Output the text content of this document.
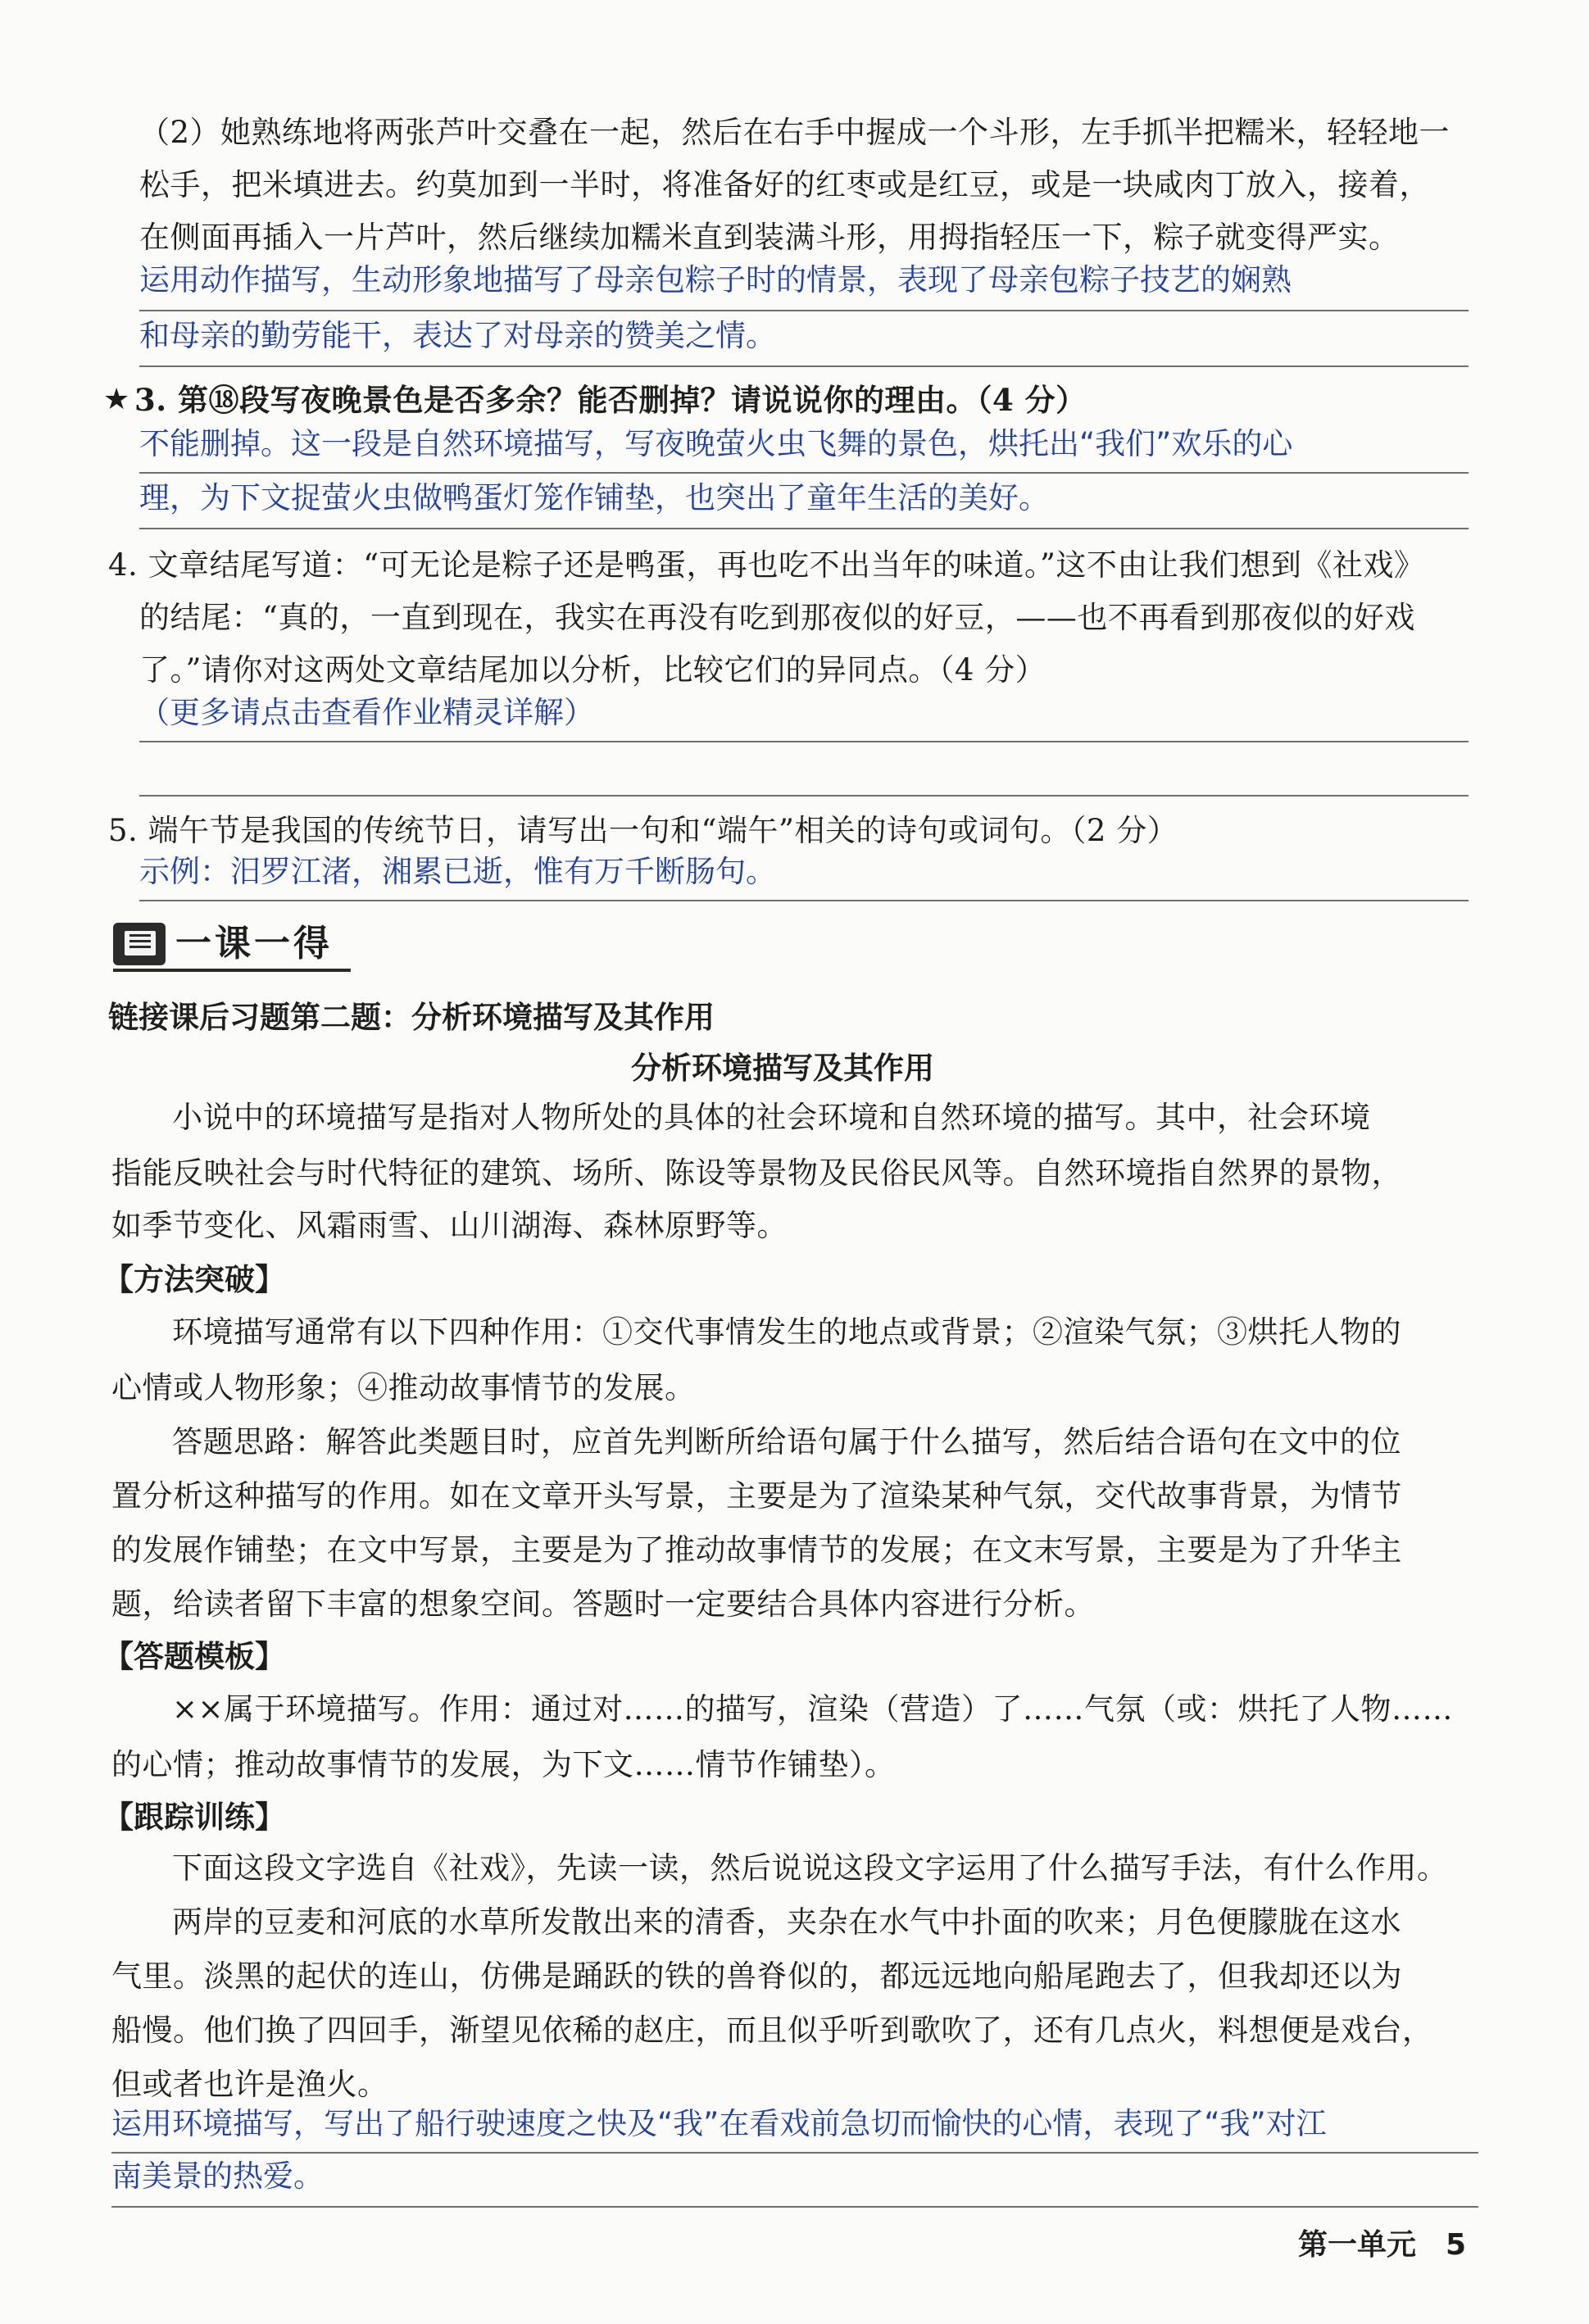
（2）她熟练地将两张芦叶交叠在一起，然后在右手中握成一个斗形，左手抓半把糯米，轻轻地一
松手，把米填进去。约莫加到一半时，将准备好的红枣或是红豆，或是一块咸肉丁放入，接着，
在侧面再插入一片芦叶，然后继续加糯米直到装满斗形，用拇指轻压一下，粽子就变得严实。
运用动作描写，生动形象地描写了母亲包粽子时的情景，表现了母亲包粽子技艺的娴熟
和母亲的勤劳能干，表达了对母亲的赞美之情。
★ 3. 第⑱段写夜晚景色是否多余？能否删掉？请说说你的理由。（4 分）
不能删掉。这一段是自然环境描写，写夜晚萤火虫飞舞的景色，烘托出“我们”欢乐的心
理，为下文捉萤火虫做鸭蛋灯笼作铺垫，也突出了童年生活的美好。
4. 文章结尾写道：“可无论是粽子还是鸭蛋，再也吃不出当年的味道。”这不由让我们想到《社戏》
的结尾：“真的，一直到现在，我实在再没有吃到那夜似的好豆，——也不再看到那夜似的好戏
了。”请你对这两处文章结尾加以分析，比较它们的异同点。（4 分）
（更多请点击查看作业精灵详解）
5. 端午节是我国的传统节日，请写出一句和“端午”相关的诗句或词句。（2 分）
示例：汨罗江渚，湘累已逝，惟有万千断肠句。
一课一得
链接课后习题第二题：分析环境描写及其作用
分析环境描写及其作用
小说中的环境描写是指对人物所处的具体的社会环境和自然环境的描写。其中，社会环境
指能反映社会与时代特征的建筑、场所、陈设等景物及民俗民风等。自然环境指自然界的景物，
如季节变化、风霜雨雪、山川湖海、森林原野等。
【方法突破】
环境描写通常有以下四种作用：①交代事情发生的地点或背景；②渲染气氛；③烘托人物的
心情或人物形象；④推动故事情节的发展。
答题思路：解答此类题目时，应首先判断所给语句属于什么描写，然后结合语句在文中的位
置分析这种描写的作用。如在文章开头写景，主要是为了渲染某种气氛，交代故事背景，为情节
的发展作铺垫；在文中写景，主要是为了推动故事情节的发展；在文末写景，主要是为了升华主
题，给读者留下丰富的想象空间。答题时一定要结合具体内容进行分析。
【答题模板】
××属于环境描写。作用：通过对……的描写，渲染（营造）了……气氛（或：烘托了人物……
的心情；推动故事情节的发展，为下文……情节作铺垫）。
【跟踪训练】
下面这段文字选自《社戏》，先读一读，然后说说这段文字运用了什么描写手法，有什么作用。
两岸的豆麦和河底的水草所发散出来的清香，夹杂在水气中扑面的吹来；月色便朦胧在这水
气里。淡黑的起伏的连山，仿佛是踊跃的铁的兽脊似的，都远远地向船尾跑去了，但我却还以为
船慢。他们换了四回手，渐望见依稀的赵庄，而且似乎听到歌吹了，还有几点火，料想便是戏台，
但或者也许是渔火。
运用环境描写，写出了船行驶速度之快及“我”在看戏前急切而愉快的心情，表现了“我”对江
南美景的热爱。
第一单元 5
